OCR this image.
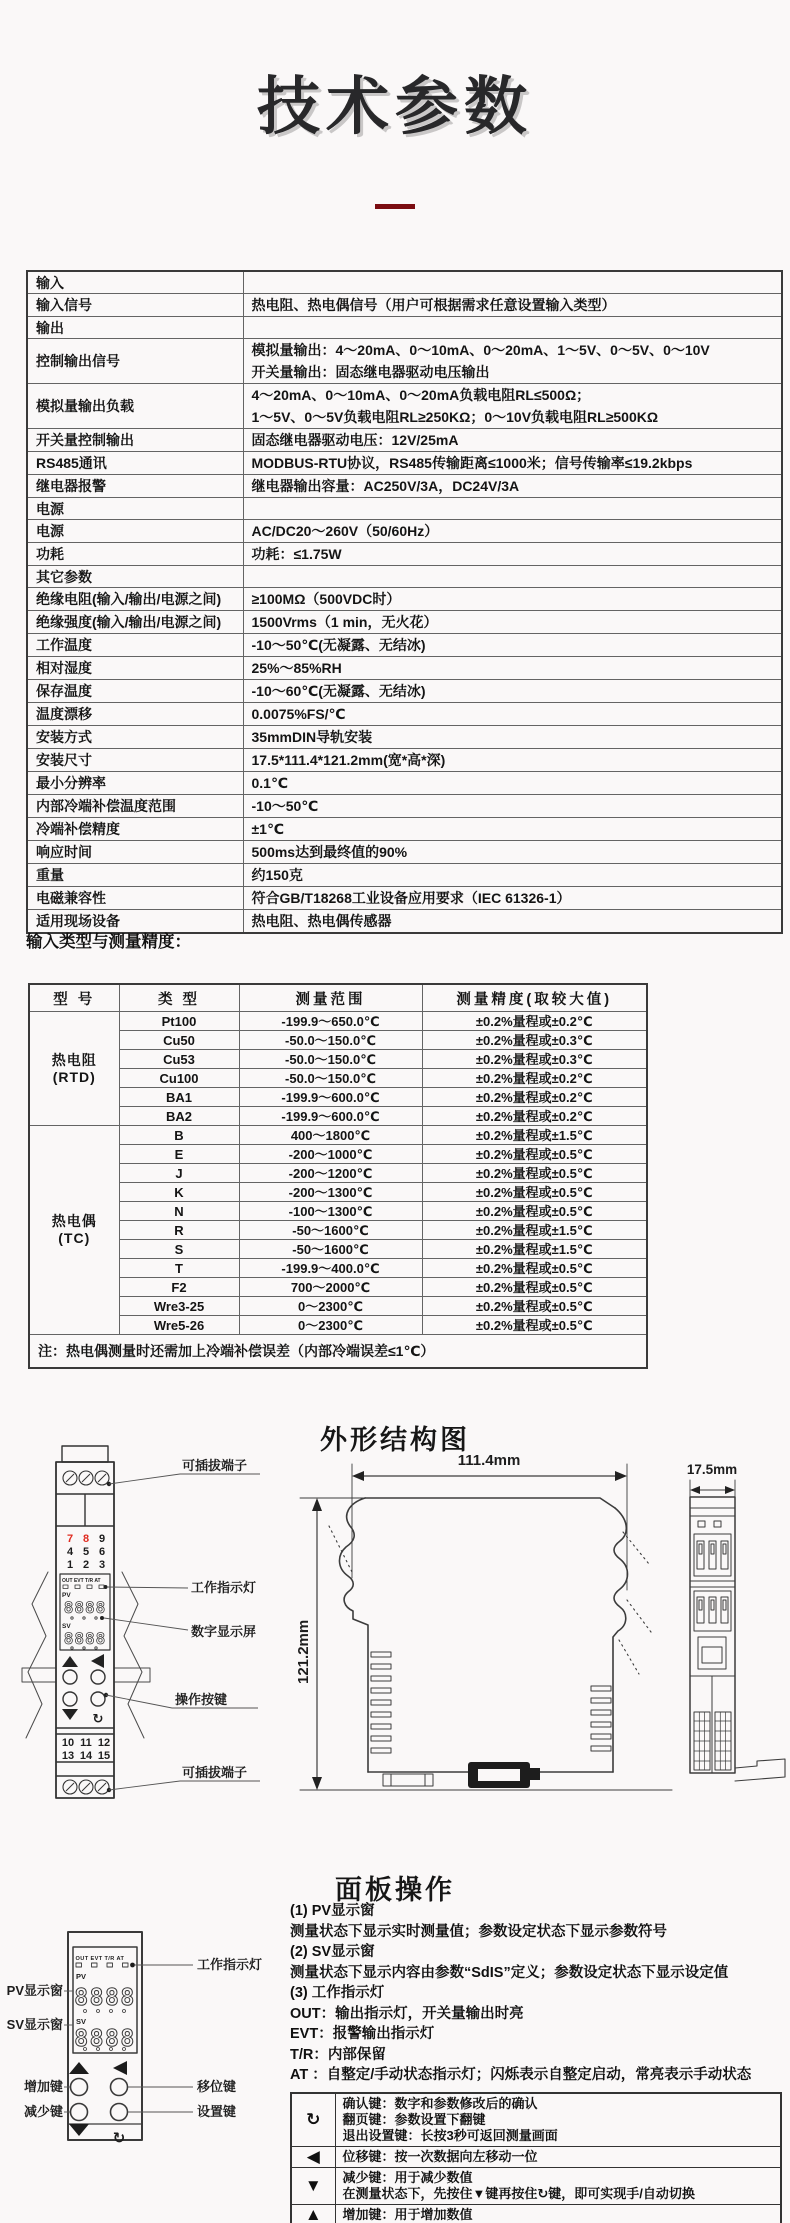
技术参数
输入	
输入信号	热电阻、热电偶信号（用户可根据需求任意设置输入类型）

输出	
控制输出信号	模拟量输出：4～20mA、0～10mA、0～20mA、1～5V、0～5V、0～10V
开关量输出：固态继电器驱动电压输出

模拟量输出负载	4～20mA、0～10mA、0～20mA负载电阻RL≤500Ω；
1～5V、0～5V负载电阻RL≥250KΩ；0～10V负载电阻RL≥500KΩ

开关量控制输出	固态继电器驱动电压：12V/25mA

RS485通讯	MODBUS-RTU协议，RS485传输距离≤1000米；信号传输率≤19.2kbps

继电器报警	继电器输出容量：AC250V/3A，DC24V/3A

电源	
电源	AC/DC20～260V（50/60Hz）

功耗	功耗：≤1.75W

其它参数	
绝缘电阻(输入/输出/电源之间)	≥100MΩ（500VDC时）

绝缘强度(输入/输出/电源之间)	1500Vrms（1 min，无火花）

工作温度	-10～50℃(无凝露、无结冰)

相对湿度	25%～85%RH

保存温度	-10～60℃(无凝露、无结冰)

温度漂移	0.0075%FS/℃

安装方式	35mmDIN导轨安装

安装尺寸	17.5*111.4*121.2mm(宽*高*深)

最小分辨率	0.1℃

内部冷端补偿温度范围	-10～50℃

冷端补偿精度	±1℃

响应时间	500ms达到最终值的90%

重量	约150克

电磁兼容性	符合GB/T18268工业设备应用要求（IEC 61326-1）

适用现场设备	热电阻、热电偶传感器
输入类型与测量精度：
型 号	类 型	测量范围	测量精度(取较大值)

热电阻
(RTD)	Pt100	-199.9～650.0℃	±0.2%量程或±0.2℃
	Cu50	-50.0～150.0℃	±0.2%量程或±0.3℃
	Cu53	-50.0～150.0℃	±0.2%量程或±0.3℃
	Cu100	-50.0～150.0℃	±0.2%量程或±0.2℃
	BA1	-199.9～600.0℃	±0.2%量程或±0.2℃
	BA2	-199.9～600.0℃	±0.2%量程或±0.2℃

热电偶
(TC)	B	400～1800℃	±0.2%量程或±1.5℃
	E	-200～1000℃	±0.2%量程或±0.5℃
	J	-200～1200℃	±0.2%量程或±0.5℃
	K	-200～1300℃	±0.2%量程或±0.5℃
	N	-100～1300℃	±0.2%量程或±0.5℃
	R	-50～1600℃	±0.2%量程或±1.5℃
	S	-50～1600℃	±0.2%量程或±1.5℃
	T	-199.9～400.0℃	±0.2%量程或±0.5℃
	F2	700～2000℃	±0.2%量程或±0.5℃
	Wre3-25	0～2300℃	±0.2%量程或±0.5℃
	Wre5-26	0～2300℃	±0.2%量程或±0.5℃
注：热电偶测量时还需加上冷端补偿误差（内部冷端误差≤1℃）			
外形结构图
↻
7 8 9
4 5 6
1 2 3
10 11 12
13 14 15
OUT EVT T/R AT
PV
8888
SV
8888
可插拔端子
工作指示灯
数字显示屏
操作按键
可插拔端子
111.4mm
121.2mm
17.5mm
面板操作
↻
OUT EVT T/R AT
PV
8888
SV
8888
PV显示窗
SV显示窗
增加键
减少键
工作指示灯
移位键
设置键
(1) PV显示窗
测量状态下显示实时测量值；参数设定状态下显示参数符号
(2) SV显示窗
测量状态下显示内容由参数“SdIS”定义；参数设定状态下显示设定值
(3) 工作指示灯
OUT：输出指示灯，开关量输出时亮
EVT：报警输出指示灯
T/R：内部保留
AT ：自整定/手动状态指示灯；闪烁表示自整定启动，常亮表示手动状态
↻	确认键：数字和参数修改后的确认
翻页键：参数设置下翻键
退出设置键：长按3秒可返回测量画面

◀	位移键：按一次数据向左移动一位

▼	减少键：用于减少数值
在测量状态下，先按住▼键再按住↻键，即可实现手/自动切换

▲	增加键：用于增加数值
